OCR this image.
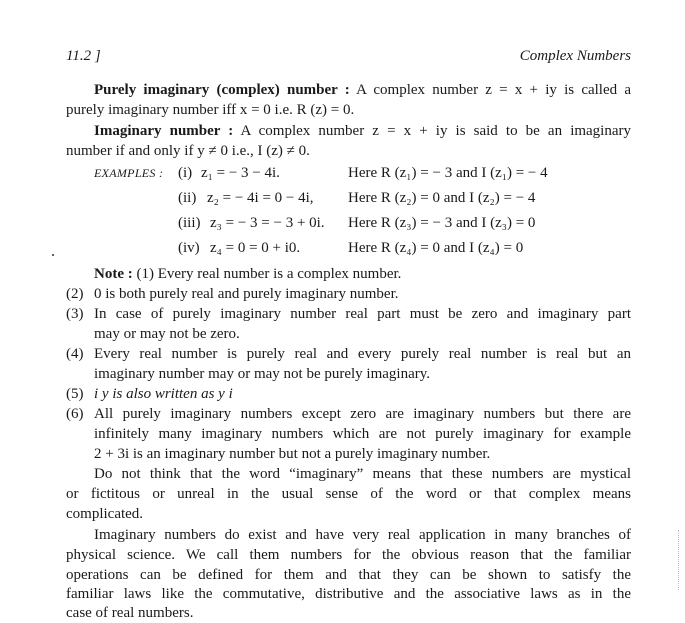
11.2 ]	Complex Numbers
Purely imaginary (complex) number : A complex number z = x + iy is called a
purely imaginary number iff x = 0 i.e. R (z) = 0.
Imaginary number : A complex number z = x + iy is said to be an imaginary
number if and only if y ≠ 0 i.e., I (z) ≠ 0.
EXAMPLES : (i) z₁ = − 3 − 4i.	Here R (z₁) = − 3 and I (z₁) = − 4
(ii) z₂ = − 4i = 0 − 4i,	Here R (z₂) = 0 and I (z₂) = − 4
(iii) z₃ = − 3 = − 3 + 0i.	Here R (z₃) = − 3 and I (z₃) = 0
(iv) z₄ = 0 = 0 + i0.	Here R (z₄) = 0 and I (z₄) = 0
Note : (1) Every real number is a complex number.
(2) 0 is both purely real and purely imaginary number.
(3) In case of purely imaginary number real part must be zero and imaginary part
may or may not be zero.
(4) Every real number is purely real and every purely real number is real but an
imaginary number may or may not be purely imaginary.
(5) i y is also written as y i
(6) All purely imaginary numbers except zero are imaginary numbers but there are
infinitely many imaginary numbers which are not purely imaginary for example
2 + 3i is an imaginary number but not a purely imaginary number.
Do not think that the word “imaginary” means that these numbers are mystical
or fictitous or unreal in the usual sense of the word or that complex means
complicated.
Imaginary numbers do exist and have very real application in many branches of
physical science. We call them numbers for the obvious reason that the familiar
operations can be defined for them and that they can be shown to satisfy the
familiar laws like the commutative, distributive and the associative laws as in the
case of real numbers.
